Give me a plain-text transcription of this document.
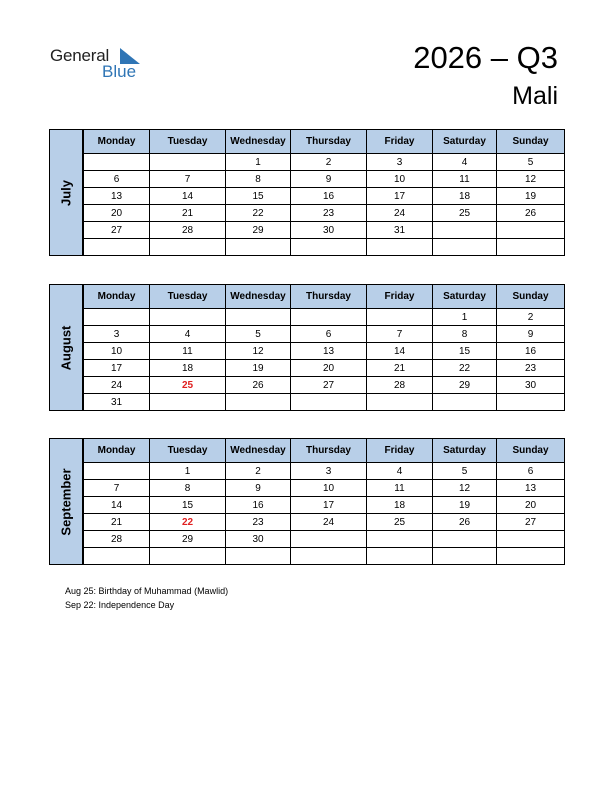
General
Blue	2026 – Q3
Mali
July
Monday	Tuesday	Wednesday	Thursday	Friday	Saturday	Sunday
		1	2	3	4	5
6	7	8	9	10	11	12
13	14	15	16	17	18	19
20	21	22	23	24	25	26
27	28	29	30	31		

August
Monday	Tuesday	Wednesday	Thursday	Friday	Saturday	Sunday
					1	2
3	4	5	6	7	8	9
10	11	12	13	14	15	16
17	18	19	20	21	22	23
24	25	26	27	28	29	30
31						
September
Monday	Tuesday	Wednesday	Thursday	Friday	Saturday	Sunday
	1	2	3	4	5	6
7	8	9	10	11	12	13
14	15	16	17	18	19	20
21	22	23	24	25	26	27
28	29	30				

Aug 25: Birthday of Muhammad (Mawlid)
Sep 22: Independence Day
